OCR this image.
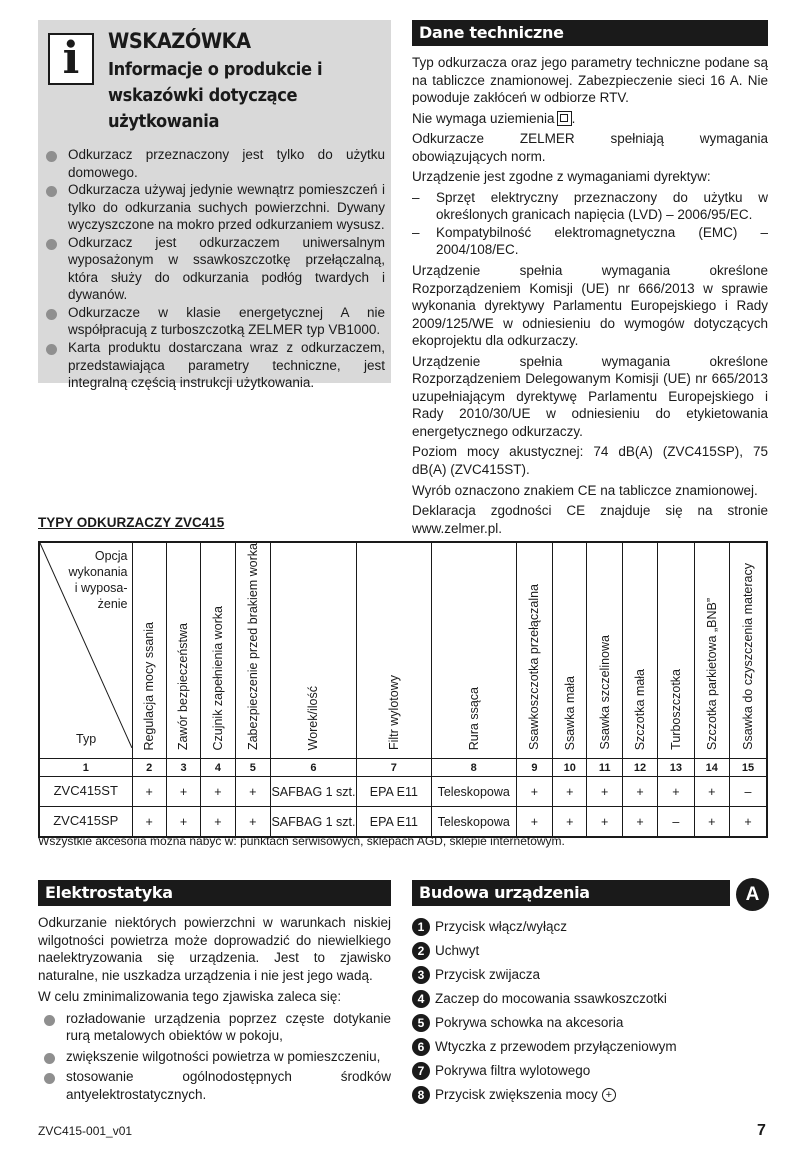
i	WSKAZÓWKA
Informacje o produkcie i wskazówki dotyczące użytkowania
Odkurzacz przeznaczony jest tylko do użytku domowego.
Odkurzacza używaj jedynie wewnątrz pomieszczeń i tylko do odkurzania suchych powierzchni. Dywany wyczyszczone na mokro przed odkurzaniem wysusz.
Odkurzacz jest odkurzaczem uniwersalnym wyposażonym w ssawkoszczotkę przełączalną, która służy do odkurzania podłóg twardych i dywanów.
Odkurzacze w klasie energetycznej A nie współpracują z turboszczotką ZELMER typ VB1000.
Karta produktu dostarczana wraz z odkurzaczem, przedstawiająca parametry techniczne, jest integralną częścią instrukcji użytkowania.
Dane techniczne

Typ odkurzacza oraz jego parametry techniczne podane są na tabliczce znamionowej. Zabezpieczenie sieci 16 A. Nie powoduje zakłóceń w odbiorze RTV.

Nie wymaga uziemienia .

Odkurzacze ZELMER spełniają wymagania obowiązujących norm.

Urządzenie jest zgodne z wymaganiami dyrektyw:

– Sprzęt elektryczny przeznaczony do użytku w określonych granicach napięcia (LVD) – 2006/95/EC.
– Kompatybilność elektromagnetyczna (EMC) – 2004/108/EC.

Urządzenie spełnia wymagania określone Rozporządzeniem Komisji (UE) nr 666/2013 w sprawie wykonania dyrektywy Parlamentu Europejskiego i Rady 2009/125/WE w odniesieniu do wymogów dotyczących ekoprojektu dla odkurzaczy.

Urządzenie spełnia wymagania określone Rozporządzeniem Delegowanym Komisji (UE) nr 665/2013 uzupełniającym dyrektywę Parlamentu Europejskiego i Rady 2010/30/UE w odniesieniu do etykietowania energetycznego odkurzaczy.

Poziom mocy akustycznej: 74 dB(A) (ZVC415SP), 75 dB(A) (ZVC415ST).

Wyrób oznaczono znakiem CE na tabliczce znamionowej.

Deklaracja zgodności CE znajduje się na stronie www.zelmer.pl.

TYPY ODKURZACZY ZVC415
Opcja
wykonania
i wyposa-
żenie
Typ	Regulacja mocy ssania	Zawór bezpieczeństwa	Czujnik zapełnienia worka	Zabezpieczenie przed brakiem worka	Worek/ilość	Filtr wylotowy	Rura ssąca	Ssawkoszczotka przełączalna	Ssawka mała	Ssawka szczelinowa	Szczotka mała	Turboszczotka	Szczotka parkietowa „BNB”	Ssawka do czyszczenia materacy
1	2	3	4	5	6	7	8	9	10	11	12	13	14	15
ZVC415ST	+	+	+	+	SAFBAG 1 szt.	EPA E11	Teleskopowa	+	+	+	+	+	+	–
ZVC415SP	+	+	+	+	SAFBAG 1 szt.	EPA E11	Teleskopowa	+	+	+	+	–	+	+
Wszystkie akcesoria można nabyć w: punktach serwisowych, sklepach AGD, sklepie internetowym.
Elektrostatyka

Odkurzanie niektórych powierzchni w warunkach niskiej wilgotności powietrza może doprowadzić do niewielkiego naelektryzowania się urządzenia. Jest to zjawisko naturalne, nie uszkadza urządzenia i nie jest jego wadą.

W celu zminimalizowania tego zjawiska zaleca się:

rozładowanie urządzenia poprzez częste dotykanie rurą metalowych obiektów w pokoju,
zwiększenie wilgotności powietrza w pomieszczeniu,
stosowanie ogólnodostępnych środków antyelektrostatycznych.
Budowa urządzenia
1 Przycisk włącz/wyłącz
2 Uchwyt
3 Przycisk zwijacza
4 Zaczep do mocowania ssawkoszczotki
5 Pokrywa schowka na akcesoria
6 Wtyczka z przewodem przyłączeniowym
7 Pokrywa filtra wylotowego
8 Przycisk zwiększenia mocy +
A
ZVC415-001_v01	7
